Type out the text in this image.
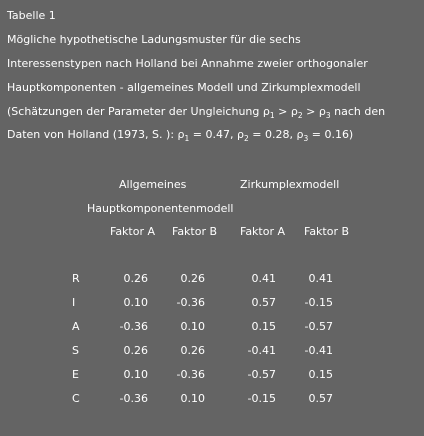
Tabelle 1
Mögliche hypothetische Ladungsmuster für die sechs
Interessenstypen nach Holland bei Annahme zweier orthogonaler
Hauptkomponenten - allgemeines Modell und Zirkumplexmodell
(Schätzungen der Parameter der Ungleichung $\rho_1 > \rho_2 > \rho_3$ nach den
Daten von Holland (1973, S. ): $\rho_1 = 0.47$, $\rho_2 = 0.28$, $\rho_3 = 0.16$)
Allgemeines	Zirkumplexmodell
Hauptkomponentenmodell
Faktor A Faktor B Faktor A Faktor B
R	0.26	0.26	0.41	0.41
I	0.10	-0.36	0.57	-0.15
A	-0.36	0.10	0.15	-0.57
S	0.26	0.26	-0.41	-0.41
E	0.10	-0.36	-0.57	0.15
C	-0.36	0.10	-0.15	0.57
